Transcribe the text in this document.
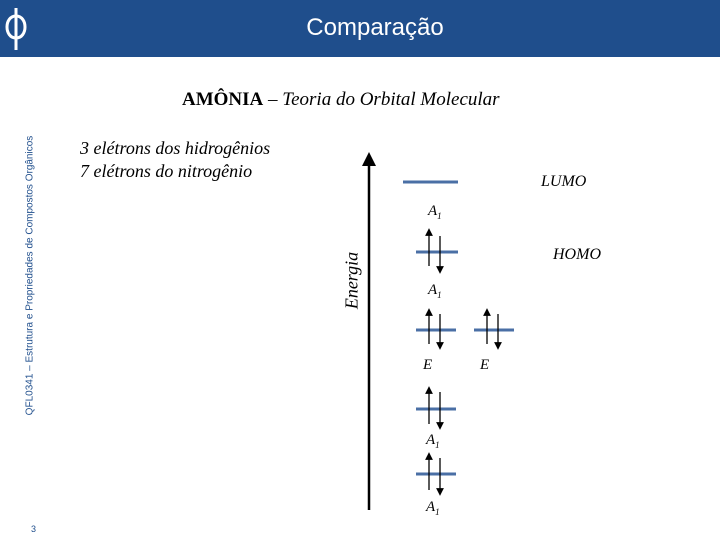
Comparação
QFL0341 – Estrutura e Propriedades de Compostos Orgânicos
3
AMÔNIA – Teoria do Orbital Molecular
3 elétrons dos hidrogênios
7 elétrons do nitrogênio
Energia
LUMO
HOMO
$A_1$
$A_1$
E	E
$A_1$
$A_1$
